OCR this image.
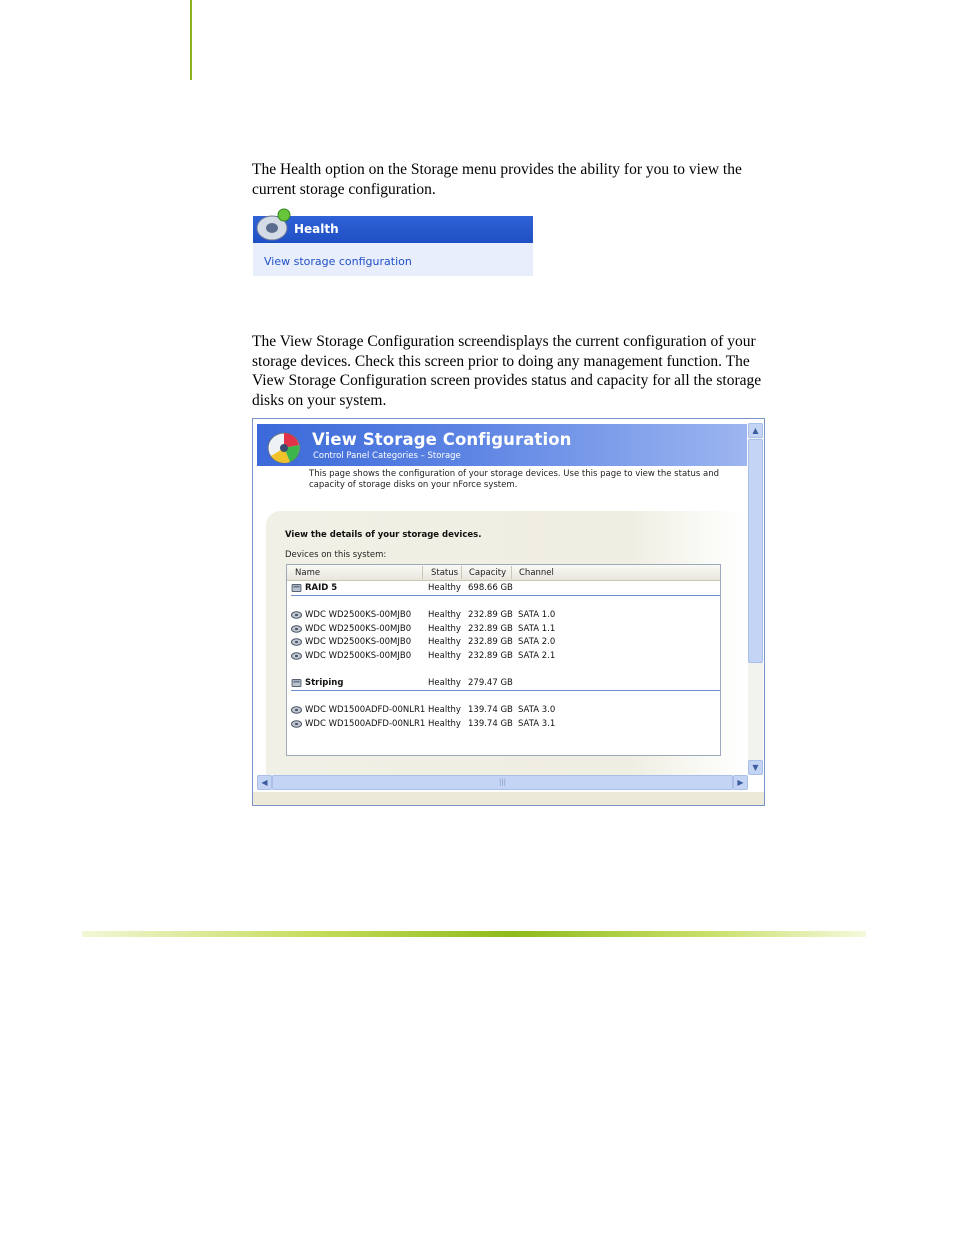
The Health option on the Storage menu provides the ability for you to view the current storage configuration.

Health
View storage configuration

The View Storage Configuration screendisplays the current configuration of your storage devices. Check this screen prior to doing any management function. The View Storage Configuration screen provides status and capacity for all the storage disks on your system.

View Storage Configuration
Control Panel Categories – Storage
This page shows the configuration of your storage devices. Use this page to view the status and capacity of storage disks on your nForce system.
View the details of your storage devices.
Devices on this system:
Name	Status Capacity Channel
RAID 5	Healthy 698.66 GB
WDC WD2500KS-00MJB0 Healthy 232.89 GB SATA 1.0
WDC WD2500KS-00MJB0 Healthy 232.89 GB SATA 1.1
WDC WD2500KS-00MJB0 Healthy 232.89 GB SATA 2.0
WDC WD2500KS-00MJB0 Healthy 232.89 GB SATA 2.1
Striping	Healthy 279.47 GB
WDC WD1500ADFD-00NLR1 Healthy 139.74 GB SATA 3.0
WDC WD1500ADFD-00NLR1 Healthy 139.74 GB SATA 3.1
▲
▼
◀	|||	▶
